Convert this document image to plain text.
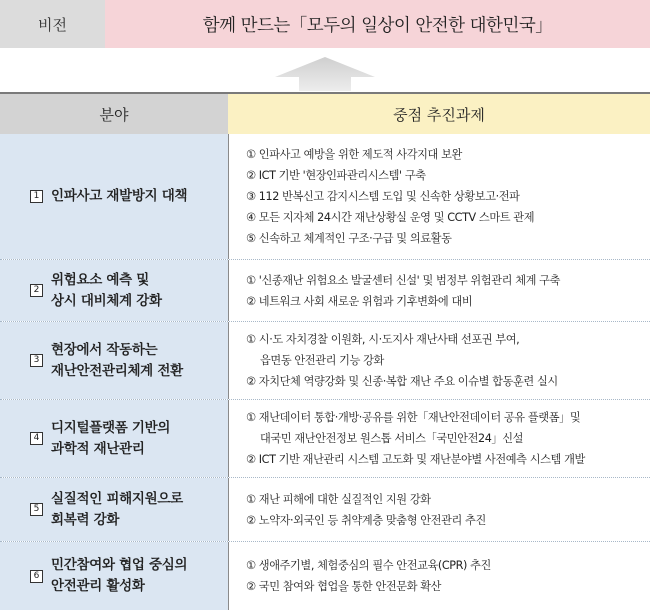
비전	함께 만드는「모두의 일상이 안전한 대한민국」
분야	중점 추진과제
1 인파사고 재발방지 대책
① 인파사고 예방을 위한 제도적 사각지대 보완
② ICT 기반 '현장인파관리시스템' 구축
③ 112 반복신고 감지시스템 도입 및 신속한 상황보고·전파
④ 모든 지자체 24시간 재난상황실 운영 및 CCTV 스마트 관제
⑤ 신속하고 체계적인 구조·구급 및 의료활동
2
위험요소 예측 및
상시 대비체계 강화
① '신종재난 위험요소 발굴센터 신설' 및 범정부 위험관리 체계 구축
② 네트워크 사회 새로운 위험과 기후변화에 대비
3
현장에서 작동하는
재난안전관리체계 전환
① 시·도 자치경찰 이원화, 시·도지사 재난사태 선포권 부여,
읍면동 안전관리 기능 강화
② 자치단체 역량강화 및 신종·복합 재난 주요 이슈별 합동훈련 실시
4
디지털플랫폼 기반의
과학적 재난관리
① 재난데이터 통합·개방·공유를 위한「재난안전데이터 공유 플랫폼」및
대국민 재난안전정보 원스톱 서비스「국민안전24」신설
② ICT 기반 재난관리 시스템 고도화 및 재난분야별 사전예측 시스템 개발
5
실질적인 피해지원으로
회복력 강화
① 재난 피해에 대한 실질적인 지원 강화
② 노약자·외국인 등 취약계층 맞춤형 안전관리 추진
6
민간참여와 협업 중심의
안전관리 활성화
① 생애주기별, 체험중심의 필수 안전교육(CPR) 추진
② 국민 참여와 협업을 통한 안전문화 확산
